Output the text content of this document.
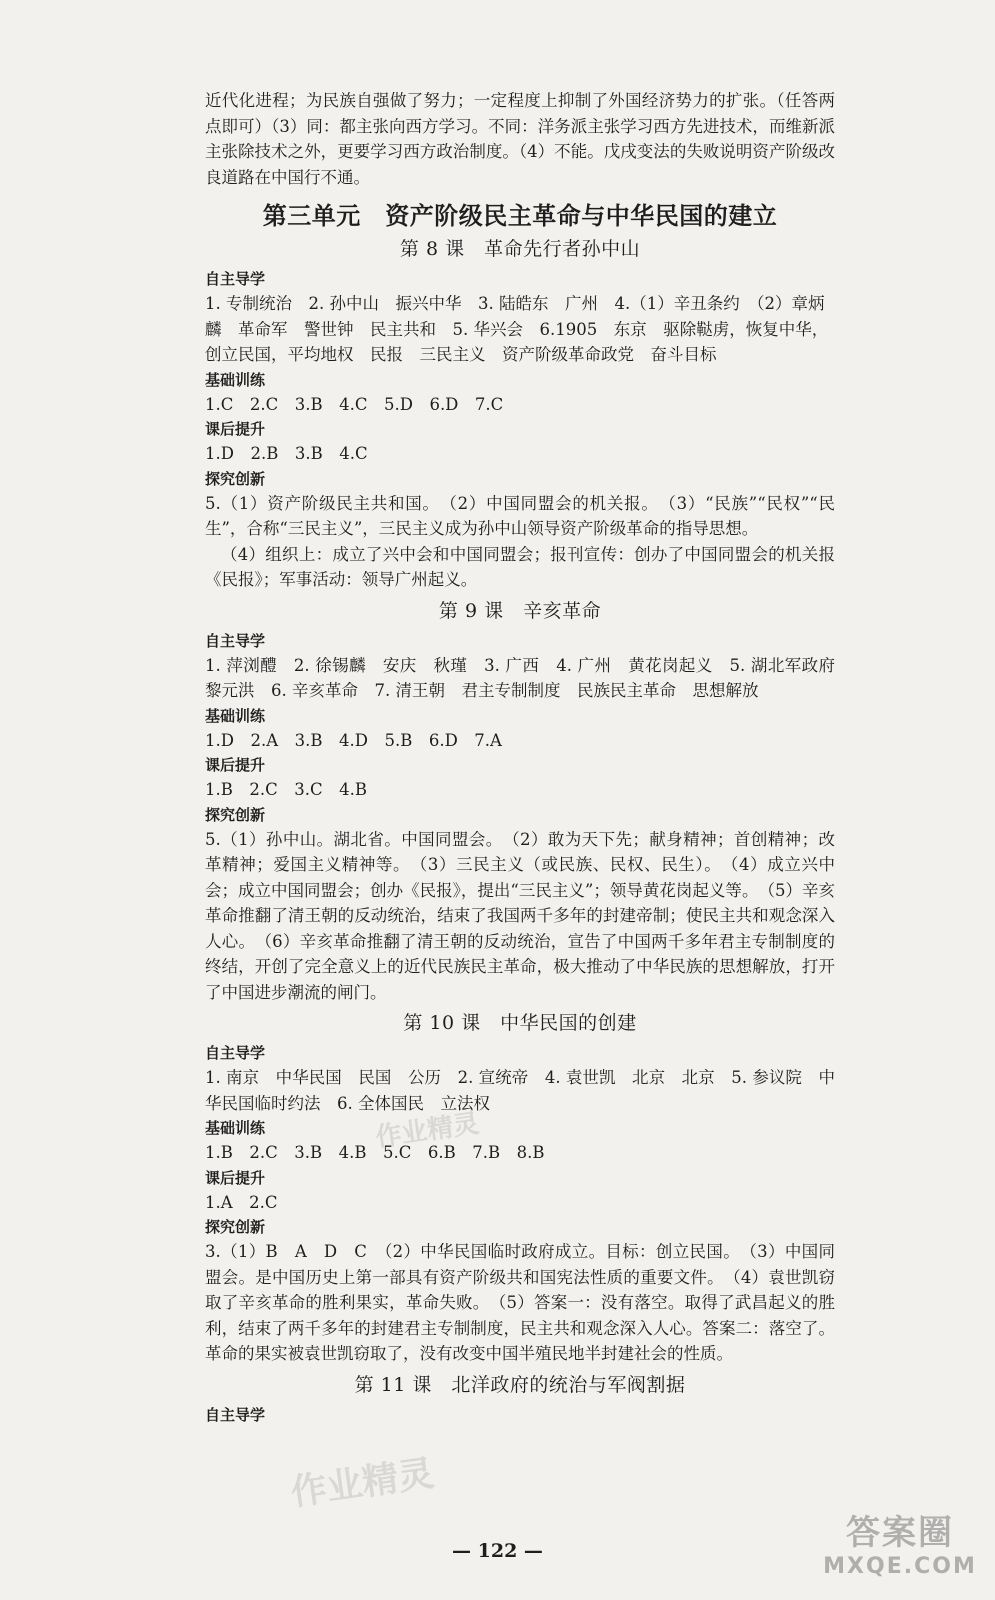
近代化进程；为民族自强做了努力；一定程度上抑制了外国经济势力的扩张。（任答两点即可）（3）同：都主张向西方学习。不同：洋务派主张学习西方先进技术，而维新派主张除技术之外，更要学习西方政治制度。（4）不能。戊戌变法的失败说明资产阶级改良道路在中国行不通。

第三单元　资产阶级民主革命与中华民国的建立
第 8 课　革命先行者孙中山
自主导学

1. 专制统治　2. 孙中山　振兴中华　3. 陆皓东　广州　4.（1）辛丑条约　（2）章炳麟　革命军　警世钟　民主共和　5. 华兴会　6.1905　东京　驱除鞑虏，恢复中华，创立民国，平均地权　民报　三民主义　资产阶级革命政党　奋斗目标

基础训练

1.C　2.C　3.B　4.C　5.D　6.D　7.C

课后提升

1.D　2.B　3.B　4.C

探究创新

5.（1）资产阶级民主共和国。　（2）中国同盟会的机关报。　（3）“民族”“民权”“民生”，合称“三民主义”，三民主义成为孙中山领导资产阶级革命的指导思想。

（4）组织上：成立了兴中会和中国同盟会；报刊宣传：创办了中国同盟会的机关报《民报》；军事活动：领导广州起义。

第 9 课　辛亥革命
自主导学

1. 萍浏醴　2. 徐锡麟　安庆　秋瑾　3. 广西　4. 广州　黄花岗起义　5. 湖北军政府　黎元洪　6. 辛亥革命　7. 清王朝　君主专制制度　民族民主革命　思想解放

基础训练

1.D　2.A　3.B　4.D　5.B　6.D　7.A

课后提升

1.B　2.C　3.C　4.B

探究创新

5.（1）孙中山。湖北省。中国同盟会。　（2）敢为天下先；献身精神；首创精神；改革精神；爱国主义精神等。　（3）三民主义（或民族、民权、民生）。　（4）成立兴中会；成立中国同盟会；创办《民报》，提出“三民主义”；领导黄花岗起义等。　（5）辛亥革命推翻了清王朝的反动统治，结束了我国两千多年的封建帝制；使民主共和观念深入人心。　（6）辛亥革命推翻了清王朝的反动统治，宣告了中国两千多年君主专制制度的终结，开创了完全意义上的近代民族民主革命，极大推动了中华民族的思想解放，打开了中国进步潮流的闸门。

第 10 课　中华民国的创建
自主导学

1. 南京　中华民国　民国　公历　2. 宣统帝　4. 袁世凯　北京　北京　5. 参议院　中华民国临时约法　6. 全体国民　立法权

基础训练

1.B　2.C　3.B　4.B　5.C　6.B　7.B　8.B

课后提升

1.A　2.C

探究创新

3.（1）B　A　D　C　（2）中华民国临时政府成立。目标：创立民国。　（3）中国同盟会。是中国历史上第一部具有资产阶级共和国宪法性质的重要文件。　（4）袁世凯窃取了辛亥革命的胜利果实，革命失败。　（5）答案一：没有落空。取得了武昌起义的胜利，结束了两千多年的封建君主专制制度，民主共和观念深入人心。答案二：落空了。革命的果实被袁世凯窃取了，没有改变中国半殖民地半封建社会的性质。

第 11 课　北洋政府的统治与军阀割据
自主导学
— 122 —
作业精灵
作业精灵
答案圈
MXQE.COM
